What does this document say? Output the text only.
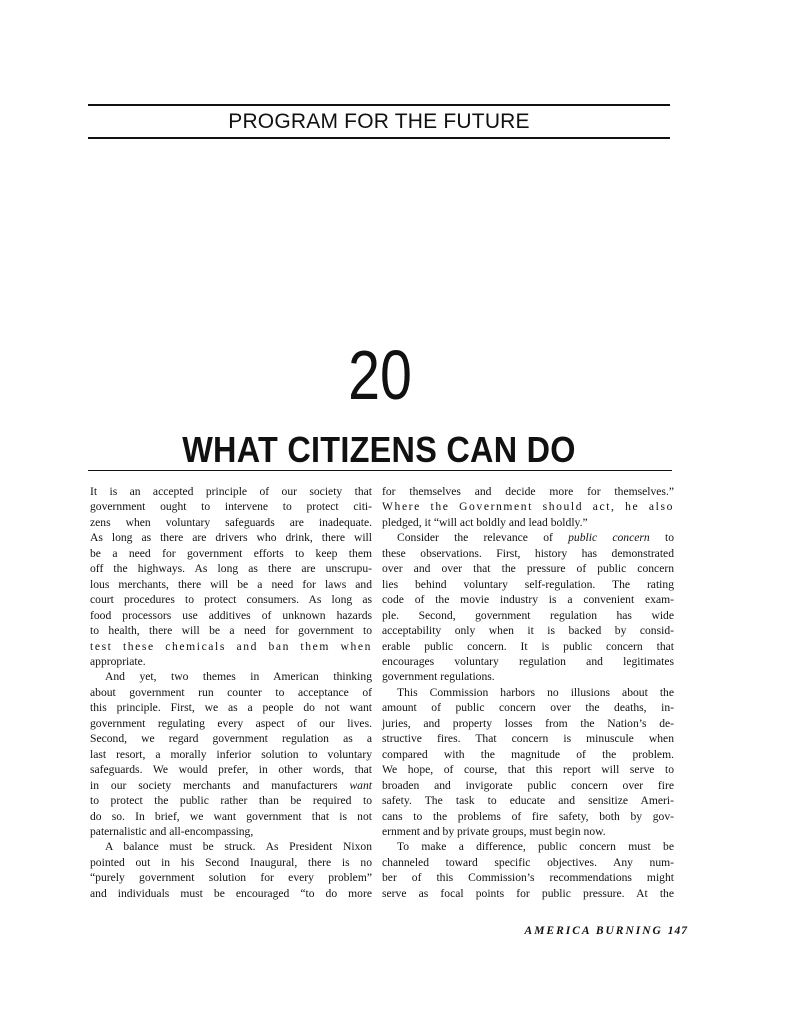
PROGRAM FOR THE FUTURE
20
WHAT CITIZENS CAN DO
It is an accepted principle of our society that
government ought to intervene to protect citi-
zens when voluntary safeguards are inadequate.
As long as there are drivers who drink, there will
be a need for government efforts to keep them
off the highways. As long as there are unscrupu-
lous merchants, there will be a need for laws and
court procedures to protect consumers. As long as
food processors use additives of unknown hazards
to health, there will be a need for government to
test these chemicals and ban them when
appropriate.
And yet, two themes in American thinking
about government run counter to acceptance of
this principle. First, we as a people do not want
government regulating every aspect of our lives.
Second, we regard government regulation as a
last resort, a morally inferior solution to voluntary
safeguards. We would prefer, in other words, that
in our society merchants and manufacturers want
to protect the public rather than be required to
do so. In brief, we want government that is not
paternalistic and all-encompassing,
A balance must be struck. As President Nixon
pointed out in his Second Inaugural, there is no
“purely government solution for every problem”
and individuals must be encouraged “to do more
for themselves and decide more for themselves.”
Where the Government should act, he also
pledged, it “will act boldly and lead boldly.”
Consider the relevance of public concern to
these observations. First, history has demonstrated
over and over that the pressure of public concern
lies behind voluntary self-regulation. The rating
code of the movie industry is a convenient exam-
ple. Second, government regulation has wide
acceptability only when it is backed by consid-
erable public concern. It is public concern that
encourages voluntary regulation and legitimates
government regulations.
This Commission harbors no illusions about the
amount of public concern over the deaths, in-
juries, and property losses from the Nation’s de-
structive fires. That concern is minuscule when
compared with the magnitude of the problem.
We hope, of course, that this report will serve to
broaden and invigorate public concern over fire
safety. The task to educate and sensitize Ameri-
cans to the problems of fire safety, both by gov-
ernment and by private groups, must begin now.
To make a difference, public concern must be
channeled toward specific objectives. Any num-
ber of this Commission’s recommendations might
serve as focal points for public pressure. At the
AMERICA BURNING 147
